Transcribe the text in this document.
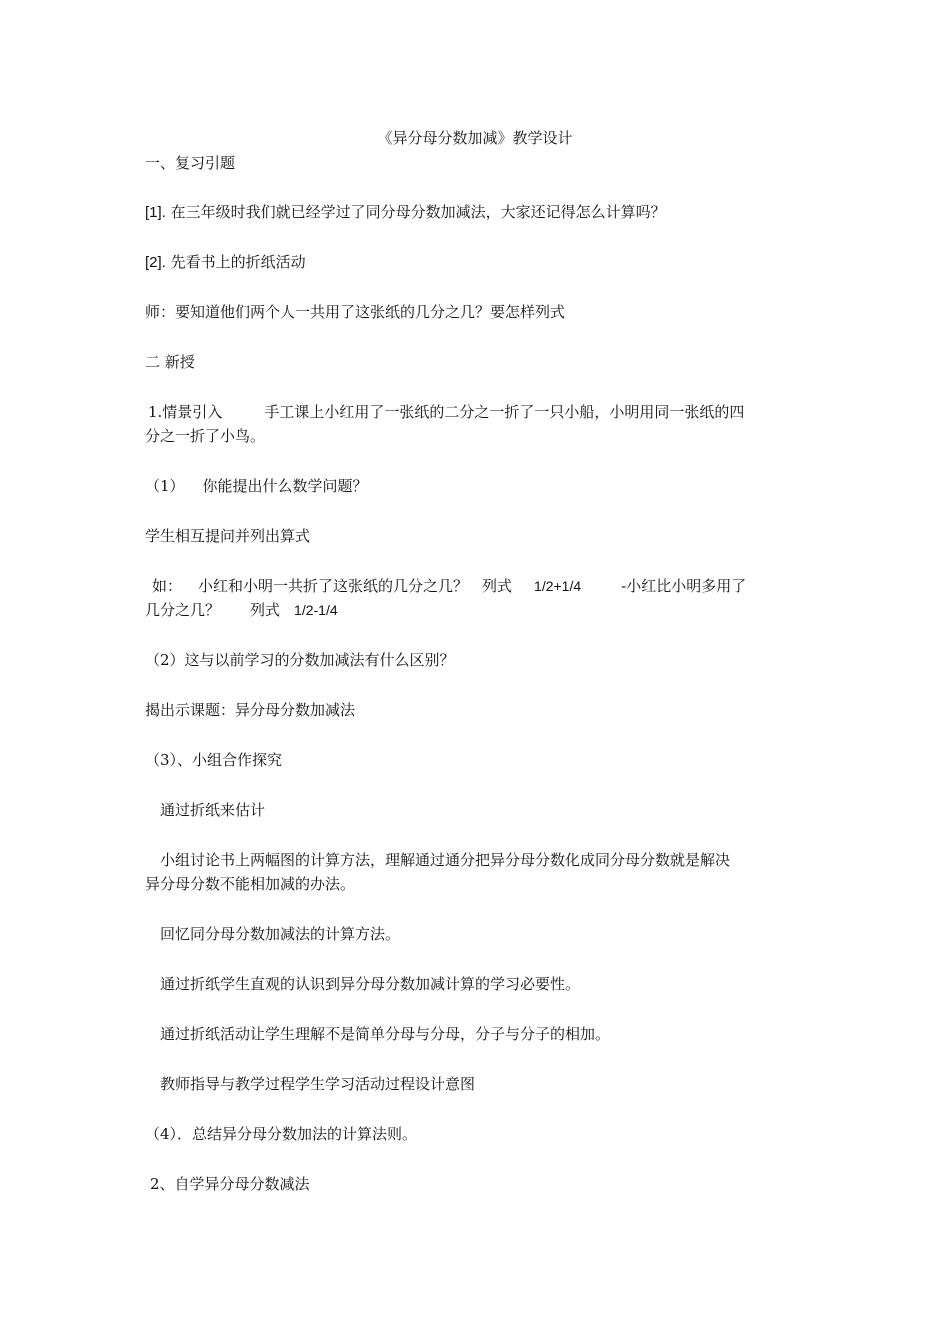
《异分母分数加减》教学设计
一、复习引题
[1]. 在三年级时我们就已经学过了同分母分数加减法，大家还记得怎么计算吗？
[2]. 先看书上的折纸活动
师：要知道他们两个人一共用了这张纸的几分之几？要怎样列式
二 新授
1.情景引入	手工课上小红用了一张纸的二分之一折了一只小船，小明用同一张纸的四
分之一折了小鸟。
（1） 你能提出什么数学问题？
学生相互提问并列出算式
如： 小红和小明一共折了这张纸的几分之几？ 列式 1/2+1/4	-小红比小明多用了
几分之几？ 列式 1/2-1/4
（2）这与以前学习的分数加减法有什么区别？
揭出示课题：异分母分数加减法
（3）、小组合作探究
通过折纸来估计
小组讨论书上两幅图的计算方法，理解通过通分把异分母分数化成同分母分数就是解决
异分母分数不能相加减的办法。
回忆同分母分数加减法的计算方法。
通过折纸学生直观的认识到异分母分数加减计算的学习必要性。
通过折纸活动让学生理解不是简单分母与分母，分子与分子的相加。
教师指导与教学过程学生学习活动过程设计意图
（4）．总结异分母分数加法的计算法则。
2、自学异分母分数减法
